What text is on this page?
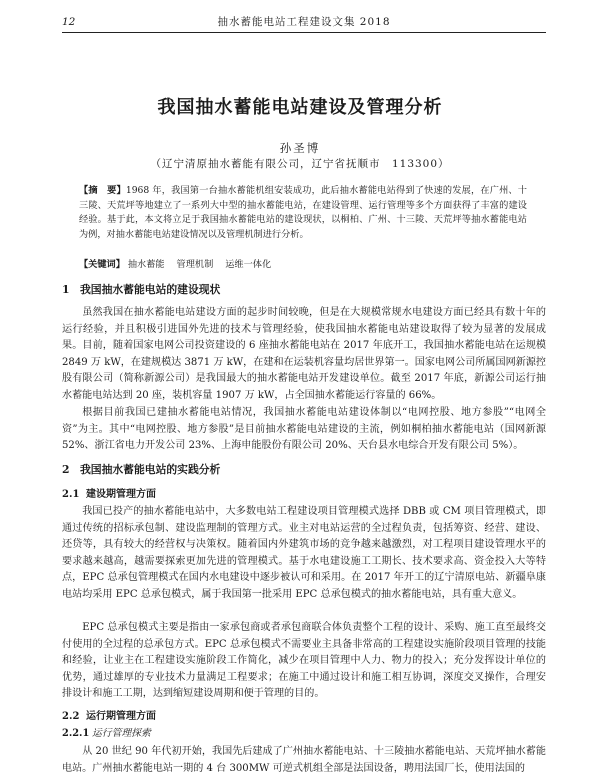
12	抽水蓄能电站工程建设文集 2018
我国抽水蓄能电站建设及管理分析
孙圣博
（辽宁清原抽水蓄能有限公司，辽宁省抚顺市　113300）
【摘　要】1968 年，我国第一台抽水蓄能机组安装成功，此后抽水蓄能电站得到了快速的发展，在广州、十三陵、天荒坪等地建立了一系列大中型的抽水蓄能电站，在建设管理、运行管理等多个方面获得了丰富的建设经验。基于此，本文将立足于我国抽水蓄能电站的建设现状，以桐柏、广州、十三陵、天荒坪等抽水蓄能电站为例，对抽水蓄能电站建设情况以及管理机制进行分析。
【关键词】 抽水蓄能 管理机制 运维一体化
1 我国抽水蓄能电站的建设现状
虽然我国在抽水蓄能电站建设方面的起步时间较晚，但是在大规模常规水电建设方面已经具有数十年的运行经验，并且积极引进国外先进的技术与管理经验，使我国抽水蓄能电站建设取得了较为显著的发展成果。目前，随着国家电网公司投资建设的 6 座抽水蓄能电站在 2017 年底开工，我国抽水蓄能电站在运规模 2849 万 kW，在建规模达 3871 万 kW，在建和在运装机容量均居世界第一。国家电网公司所属国网新源控股有限公司（简称新源公司）是我国最大的抽水蓄能电站开发建设单位。截至 2017 年底，新源公司运行抽水蓄能电站达到 20 座，装机容量 1907 万 kW，占全国抽水蓄能运行容量的 66%。
根据目前我国已建抽水蓄能电站情况，我国抽水蓄能电站建设体制以“电网控股、地方参股”“电网全资”为主。其中“电网控股、地方参股”是目前抽水蓄能电站建设的主流，例如桐柏抽水蓄能电站（国网新源 52%、浙江省电力开发公司 23%、上海申能股份有限公司 20%、天台县水电综合开发有限公司 5%）。
2 我国抽水蓄能电站的实践分析
2.1 建设期管理方面
我国已投产的抽水蓄能电站中，大多数电站工程建设项目管理模式选择 DBB 或 CM 项目管理模式，即通过传统的招标承包制、建设监理制的管理方式。业主对电站运营的全过程负责，包括筹资、经营、建设、还贷等，具有较大的经营权与决策权。随着国内外建筑市场的竞争越来越激烈，对工程项目建设管理水平的要求越来越高，越需要探索更加先进的管理模式。基于水电建设施工工期长、技术要求高、资金投入大等特点，EPC 总承包管理模式在国内水电建设中逐步被认可和采用。在 2017 年开工的辽宁清原电站、新疆阜康电站均采用 EPC 总承包模式，属于我国第一批采用 EPC 总承包模式的抽水蓄能电站，具有重大意义。
EPC 总承包模式主要是指由一家承包商或者承包商联合体负责整个工程的设计、采购、施工直至最终交付使用的全过程的总承包方式。EPC 总承包模式不需要业主具备非常高的工程建设实施阶段项目管理的技能和经验，让业主在工程建设实施阶段工作简化，减少在项目管理中人力、物力的投入；充分发挥设计单位的优势，通过雄厚的专业技术力量满足工程要求；在施工中通过设计和施工相互协调，深度交叉操作，合理安排设计和施工工期，达到缩短建设周期和便于管理的目的。
2.2 运行期管理方面
2.2.1 运行管理探索
从 20 世纪 90 年代初开始，我国先后建成了广州抽水蓄能电站、十三陵抽水蓄能电站、天荒坪抽水蓄能电站。广州抽水蓄能电站一期的 4 台 300MW 可逆式机组全部是法国设备，聘用法国厂长，使用法国的
